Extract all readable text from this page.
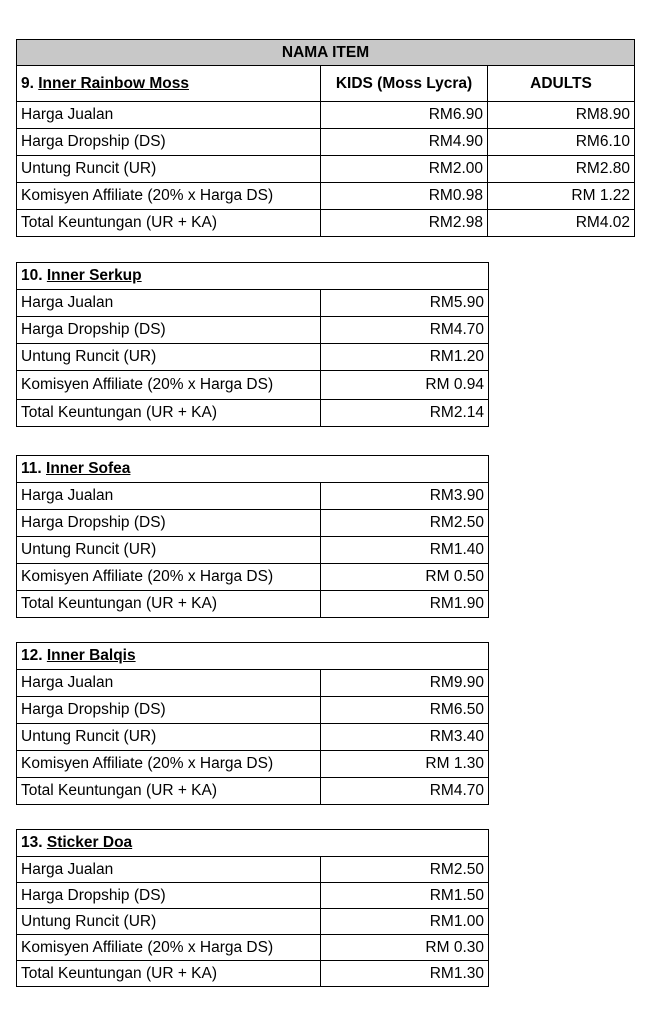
NAMA ITEM		
9. Inner Rainbow Moss	KIDS (Moss Lycra)	ADULTS
Harga Jualan	RM6.90	RM8.90
Harga Dropship (DS)	RM4.90	RM6.10
Untung Runcit (UR)	RM2.00	RM2.80
Komisyen Affiliate (20% x Harga DS)	RM0.98	RM 1.22
Total Keuntungan (UR + KA)	RM2.98	RM4.02
10. Inner Serkup	
Harga Jualan	RM5.90
Harga Dropship (DS)	RM4.70
Untung Runcit (UR)	RM1.20
Komisyen Affiliate (20% x Harga DS)	RM 0.94
Total Keuntungan (UR + KA)	RM2.14
11. Inner Sofea	
Harga Jualan	RM3.90
Harga Dropship (DS)	RM2.50
Untung Runcit (UR)	RM1.40
Komisyen Affiliate (20% x Harga DS)	RM 0.50
Total Keuntungan (UR + KA)	RM1.90
12. Inner Balqis	
Harga Jualan	RM9.90
Harga Dropship (DS)	RM6.50
Untung Runcit (UR)	RM3.40
Komisyen Affiliate (20% x Harga DS)	RM 1.30
Total Keuntungan (UR + KA)	RM4.70
13. Sticker Doa	
Harga Jualan	RM2.50
Harga Dropship (DS)	RM1.50
Untung Runcit (UR)	RM1.00
Komisyen Affiliate (20% x Harga DS)	RM 0.30
Total Keuntungan (UR + KA)	RM1.30
